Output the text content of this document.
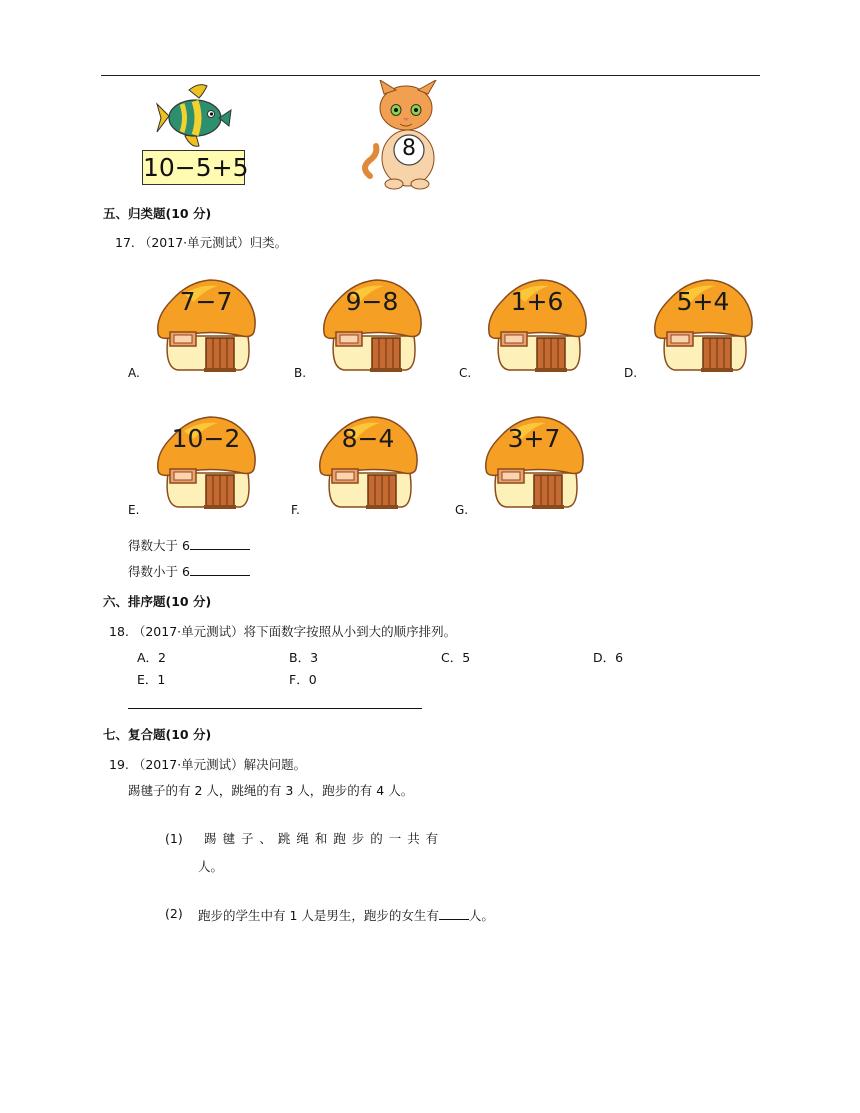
10−5+5
8
五、归类题(10 分)
17. （2017·单元测试）归类。
7−7	9−8	1+6	5+4
A.	B.	C.	D.
10−2	8−4	3+7
E.	F.	G.
得数大于 6
得数小于 6
六、排序题(10 分)
18. （2017·单元测试）将下面数字按照从小到大的顺序排列。
A．2	B．3	C．5	D．6
E．1	F．0
七、复合题(10 分)
19. （2017·单元测试）解决问题。
踢毽子的有 2 人，跳绳的有 3 人，跑步的有 4 人。
(1) 踢 毽 子 、 跳 绳 和 跑 步 的 一 共 有
人。
(2) 跑步的学生中有 1 人是男生，跑步的女生有 人。
